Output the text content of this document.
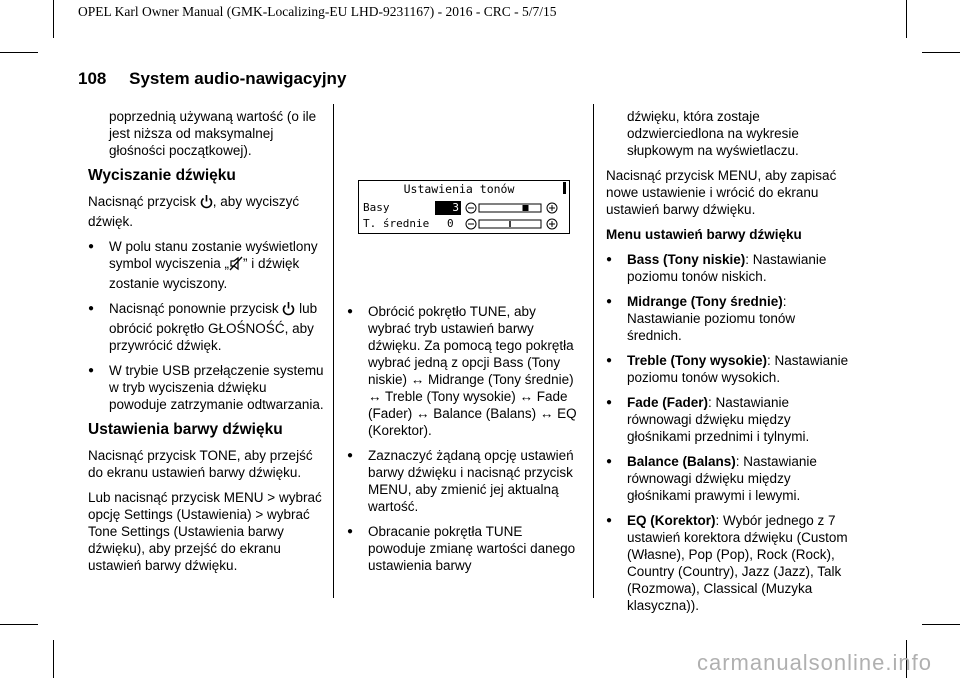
OPEL Karl Owner Manual (GMK-Localizing-EU LHD-9231167) - 2016 - CRC - 5/7/15
108 System audio-nawigacyjny

poprzednią używaną wartość (o ile jest niższa od maksymalnej głośności początkowej).

Wyciszanie dźwięku

Nacisnąć przycisk , aby wyciszyć dźwięk.

●	W polu stanu zostanie wyświetlony symbol wyciszenia „ ” i dźwięk zostanie wyciszony.
●	Nacisnąć ponownie przycisk lub obrócić pokrętło GŁOŚNOŚĆ, aby przywrócić dźwięk.
●	W trybie USB przełączenie systemu w tryb wyciszenia dźwięku powoduje zatrzymanie odtwarzania.
Ustawienia barwy dźwięku

Nacisnąć przycisk TONE, aby przejść do ekranu ustawień barwy dźwięku.

Lub nacisnąć przycisk MENU > wybrać opcję Settings (Ustawienia) > wybrać Tone Settings (Ustawienia barwy dźwięku), aby przejść do ekranu ustawień barwy dźwięku.

Ustawienia tonów
Basy	3
T. średnie 0
●	Obrócić pokrętło TUNE, aby wybrać tryb ustawień barwy dźwięku. Za pomocą tego pokrętła wybrać jedną z opcji Bass (Tony niskie) ↔ Midrange (Tony średnie) ↔ Treble (Tony wysokie) ↔ Fade (Fader) ↔ Balance (Balans) ↔ EQ (Korektor).
●	Zaznaczyć żądaną opcję ustawień barwy dźwięku i nacisnąć przycisk MENU, aby zmienić jej aktualną wartość.
●	Obracanie pokrętła TUNE powoduje zmianę wartości danego ustawienia barwy

dźwięku, która zostaje odzwierciedlona na wykresie słupkowym na wyświetlaczu.

Nacisnąć przycisk MENU, aby zapisać nowe ustawienie i wrócić do ekranu ustawień barwy dźwięku.

Menu ustawień barwy dźwięku

●	Bass (Tony niskie): Nastawianie poziomu tonów niskich.
●	Midrange (Tony średnie): Nastawianie poziomu tonów średnich.
●	Treble (Tony wysokie): Nastawianie poziomu tonów wysokich.
●	Fade (Fader): Nastawianie równowagi dźwięku między głośnikami przednimi i tylnymi.
●	Balance (Balans): Nastawianie równowagi dźwięku między głośnikami prawymi i lewymi.
●	EQ (Korektor): Wybór jednego z 7 ustawień korektora dźwięku (Custom (Własne), Pop (Pop), Rock (Rock), Country (Country), Jazz (Jazz), Talk (Rozmowa), Classical (Muzyka klasyczna)).
carmanualsonline.info
